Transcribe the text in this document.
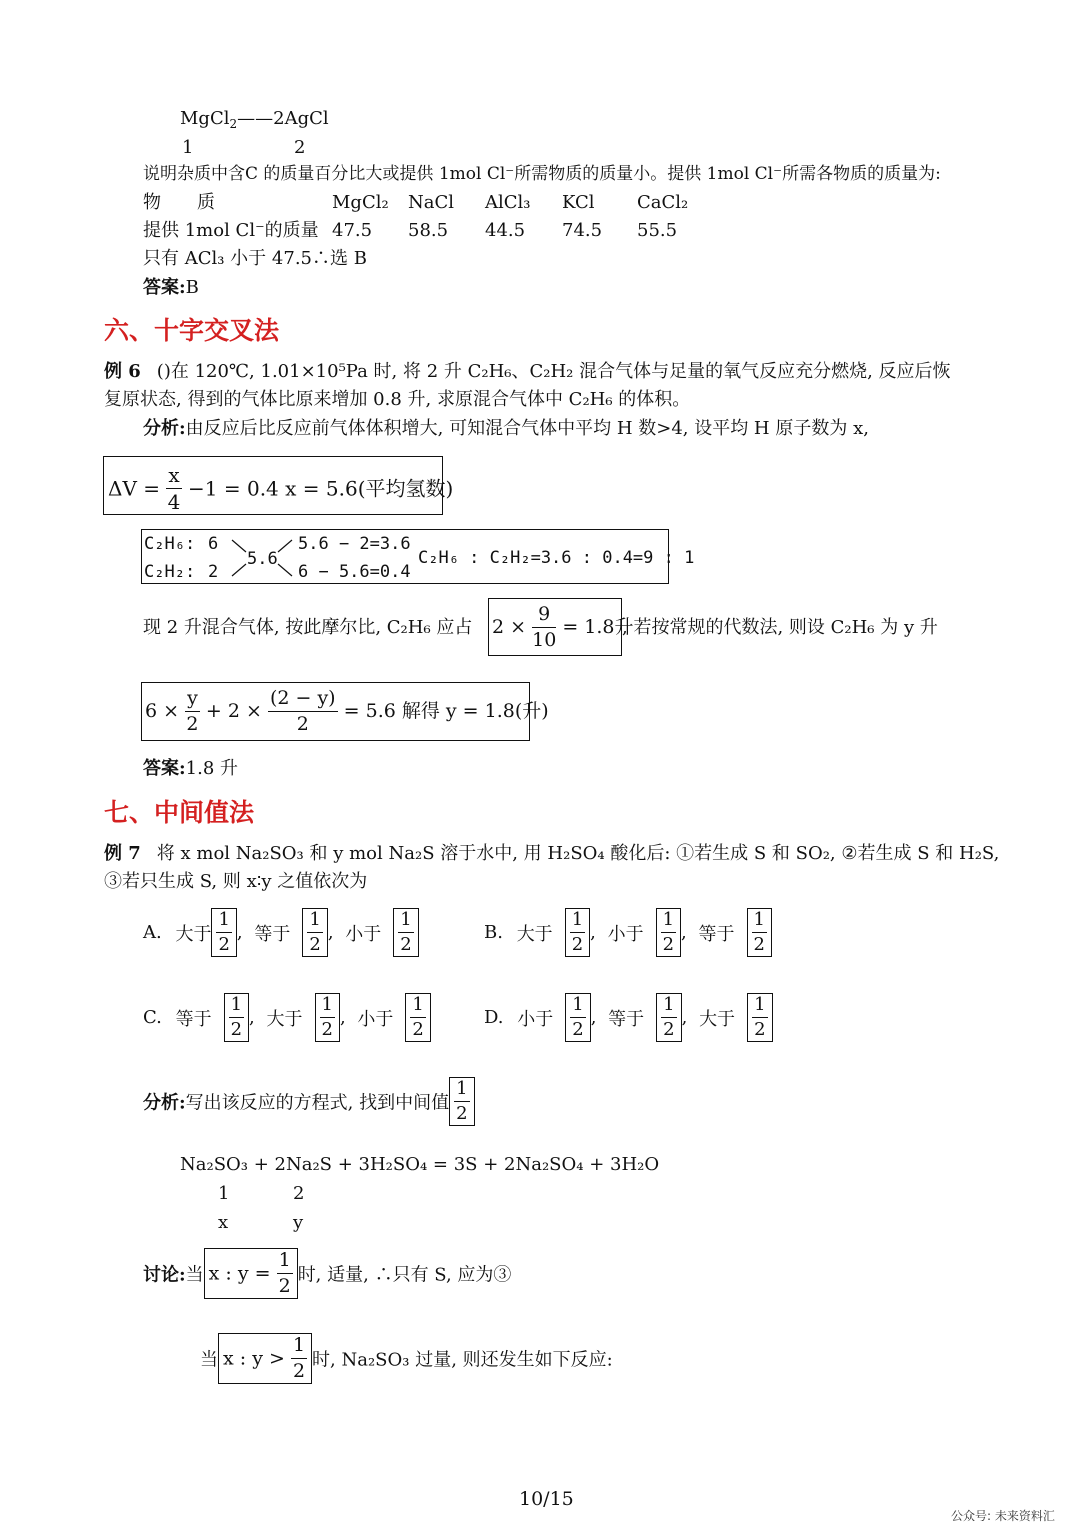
MgCl$_2$——2AgCl
1	2
说明杂质中含C 的质量百分比大或提供 1mol Cl⁻所需物质的质量小。提供 1mol Cl⁻所需各物质的质量为:
物　　质	MgCl₂ NaCl AlCl₃ KCl CaCl₂
提供 1mol Cl⁻的质量 47.5 58.5 44.5 74.5 55.5
只有 ACl₃ 小于 47.5∴选 B
答案:B
六、十字交叉法
例 6 ()在 120℃, 1.01×10⁵Pa 时, 将 2 升 C₂H₆、C₂H₂ 混合气体与足量的氧气反应充分燃烧, 反应后恢
复原状态, 得到的气体比原来增加 0.8 升, 求原混合气体中 C₂H₆ 的体积。
分析:由反应后比反应前气体体积增大, 可知混合气体中平均 H 数>4, 设平均 H 原子数为 x,
$\Delta V = \frac{x}{4} -1 = 0.4$ x = 5.6(平均氢数)
C₂H₆: 6
C₂H₂: 2
5.6
5.6 − 2=3.6
6 − 5.6=0.4
C₂H₆ : C₂H₂=3.6 : 0.4=9 : 1
现 2 升混合气体, 按此摩尔比, C₂H₆ 应占 $2 \times \frac{9}{10} = 1.8$升
, 若按常规的代数法, 则设 C₂H₆ 为 y 升
$6 \times \frac{y}{2} + 2 \times \frac{(2 - y)}{2} = 5.6$ 解得 y = 1.8(升)
答案:1.8 升
七、中间值法
例 7 将 x mol Na₂SO₃ 和 y mol Na₂S 溶于水中, 用 H₂SO₄ 酸化后: ①若生成 S 和 SO₂, ②若生成 S 和 H₂S,
③若只生成 S, 则 x∶y 之值依次为
A. 大于 $\frac{1}{2}$ , 等于 $\frac{1}{2}$ , 小于 $\frac{1}{2}$	B. 大于 $\frac{1}{2}$ , 小于 $\frac{1}{2}$ , 等于 $\frac{1}{2}$
C. 等于 $\frac{1}{2}$ , 大于 $\frac{1}{2}$ , 小于 $\frac{1}{2}$	D. 小于 $\frac{1}{2}$ , 等于 $\frac{1}{2}$ , 大于 $\frac{1}{2}$
分析:写出该反应的方程式, 找到中间值 $\frac{1}{2}$
Na₂SO₃ + 2Na₂S + 3H₂SO₄ = 3S + 2Na₂SO₄ + 3H₂O
1	2
x	y
讨论:当 x : $y = \frac{1}{2}$ 时, 适量, ∴只有 S, 应为③
当 x : $y > \frac{1}{2}$ 时, Na₂SO₃ 过量, 则还发生如下反应:
10/15
公众号: 未来资料汇
